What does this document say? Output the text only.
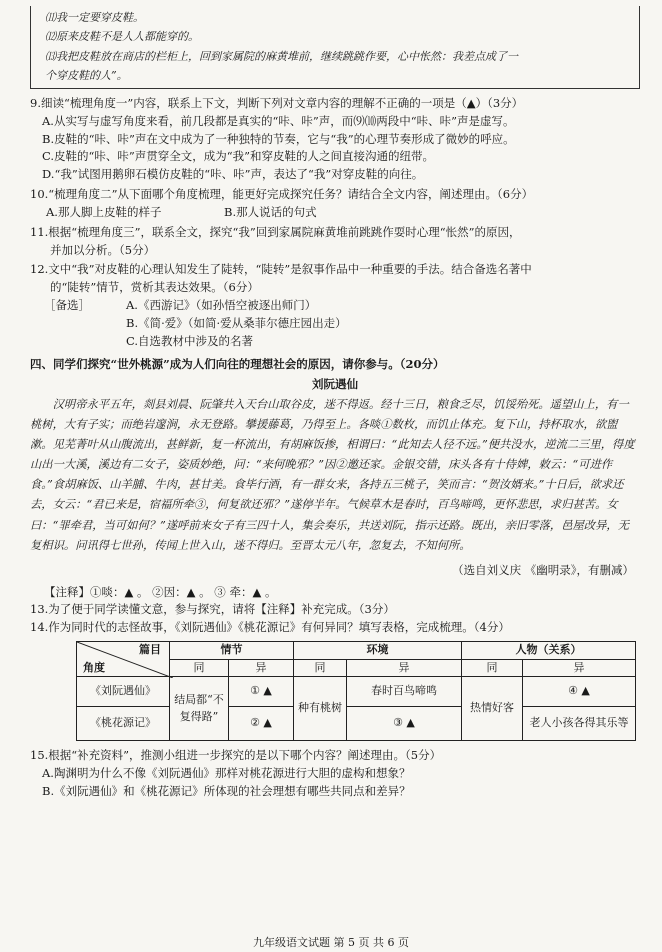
⑾我一定要穿皮鞋。

⑿原来皮鞋不是人人都能穿的。

⒀我把皮鞋放在商店的栏柜上，回到家属院的麻黄堆前，继续跳跳作要，心中怅然：我差点成了一

个穿皮鞋的人”。

9.细读“梳理角度一”内容，联系上下文，判断下列对文章内容的理解不正确的一项是（▲）（3分）

A.从实写与虚写角度来看，前几段都是真实的“咔、咔”声，而⑼⑽两段中“咔、咔”声是虚写。

B.皮鞋的“咔、咔”声在文中成为了一种独特的节奏，它与“我”的心理节奏形成了微妙的呼应。

C.皮鞋的“咔、咔”声贯穿全文，成为“我”和穿皮鞋的人之间直接沟通的纽带。

D.“我”试图用鹅卵石模仿皮鞋的“咔、咔”声，表达了“我”对穿皮鞋的向往。

10.“梳理角度二”从下面哪个角度梳理，能更好完成探究任务？请结合全文内容，阐述理由。（6分）

A.那人脚上皮鞋的样子	B.那人说话的句式

11.根据“梳理角度三”，联系全文，探究“我”回到家属院麻黄堆前跳跳作耍时心理“怅然”的原因，

并加以分析。（5分）

12.文中“我”对皮鞋的心理认知发生了陡转，“陡转”是叙事作品中一种重要的手法。结合备选名著中

的“陡转”情节，赏析其表达效果。（6分）

［备选］	A.《西游记》（如孙悟空被逐出师门）

B.《简·爱》（如简·爱从桑菲尔德庄园出走）

C.自选教材中涉及的名著

四、同学们探究“世外桃源”成为人们向往的理想社会的原因，请你参与。（20分）

刘阮遇仙

汉明帝永平五年，剡县刘晨、阮肇共入天台山取谷皮，迷不得返。经十三日，粮食乏尽，饥馁殆死。遥望山上，有一桃树，大有子实；而绝岩邃涧，永无登路。攀援藤葛，乃得至上。各啖①数枚，而饥止体充。复下山，持杯取水，欲盥漱。见芜菁叶从山腹流出，甚鲜新，复一杯流出，有胡麻饭掺，相谓曰：“此知去人径不远。”便共没水，逆流二三里，得度山出一大溪，溪边有二女子，姿质妙绝，问：“来何晚邪？”因②邀还家。金银交错，床头各有十侍婢，敕云：“可进作食。”食胡麻饭、山羊脯、牛肉，甚甘美。食毕行酒，有一群女来，各持五三桃子，笑而言：“贺汝婿来。”十日后，欲求还去，女云：“君已来是，宿福所牵③，何复欲还邪？”遂停半年。气候草木是春时，百鸟啼鸣，更怀悲思，求归甚苦。女曰：“罪牵君，当可如何？”遂呼前来女子有三四十人，集会奏乐，共送刘阮，指示还路。既出，亲旧零落，邑屋改异，无复相识。问讯得七世孙，传闻上世入山，迷不得归。至晋太元八年，忽复去，不知何所。

（选自刘义庆 《幽明录》，有删减）

【注释】①啖：▲ 。 ②因：▲ 。 ③ 牵：▲ 。

13.为了便于同学读懂文意，参与探究，请将【注释】补充完成。（3分）

14.作为同时代的志怪故事，《刘阮遇仙》《桃花源记》有何异同？填写表格，完成梳理。（4分）

篇目
角度	情节		环境		人物（关系）	
	同	异	同	异	同	异
《刘阮遇仙》	结局都“不复得路”	① ▲	种有桃树	春时百鸟啼鸣	热情好客	④ ▲
《桃花源记》		② ▲		③ ▲		老人小孩各得其乐等

15.根据“补充资料”，推测小组进一步探究的是以下哪个内容？阐述理由。（5分）

A.陶渊明为什么不像《刘阮遇仙》那样对桃花源进行大胆的虚构和想象？

B.《刘阮遇仙》和《桃花源记》所体现的社会理想有哪些共同点和差异？

九年级语文试题 第 5 页 共 6 页
